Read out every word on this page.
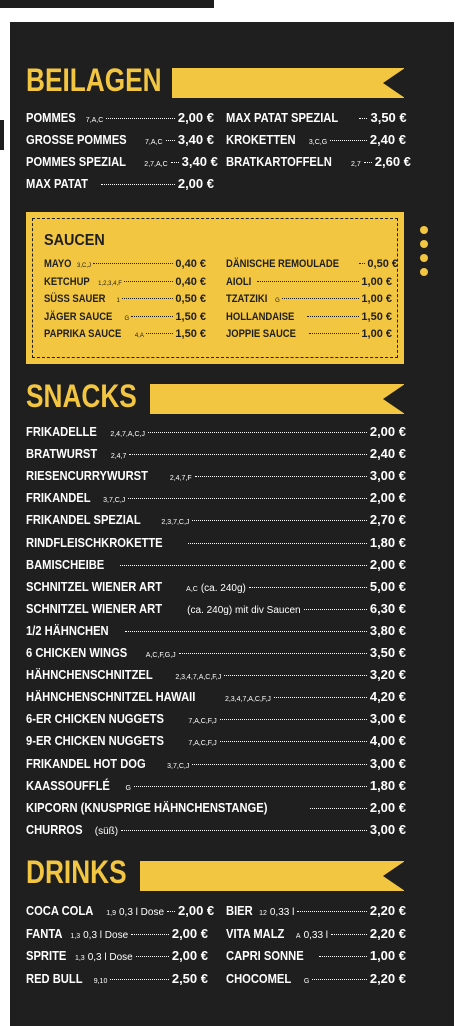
BEILAGEN
POMMES 7,A,C	2,00 €
GROSSE POMMES	7,A,C 3,40 €
POMMES SPEZIAL	2,7,A,C 3,40 €
MAX PATAT	2,00 €
MAX PATAT SPEZIAL 3,50 €
KROKETTEN 3,C,G	2,40 €
BRATKARTOFFELN	2,7 2,60 €
SAUCEN
MAYO 3,C,J	0,40 €
KETCHUP 1,2,3,4,F	0,40 €
SÜSS SAUER 1	0,50 €
JÄGER SAUCE G	1,50 €
PAPRIKA SAUCE 4,A	1,50 €
DÄNISCHE REMOULADE	0,50 €
AIOLI	1,00 €
TZATZIKI G	1,00 €
HOLLANDAISE	1,50 €
JOPPIE SAUCE	1,00 €
SNACKS
FRIKADELLE 2,4,7,A,C,J	2,00 €
BRATWURST 2,4,7	2,40 €
RIESENCURRYWURST	2,4,7,F	3,00 €
FRIKANDEL 3,7,C,J	2,00 €
FRIKANDEL SPEZIAL	2,3,7,C,J	2,70 €
RINDFLEISCHKROKETTE	1,80 €
BAMISCHEIBE	2,00 €
SCHNITZEL WIENER ART	A,C (ca. 240g)	5,00 €
SCHNITZEL WIENER ART	(ca. 240g) mit div Saucen	6,30 €
1/2 HÄHNCHEN	3,80 €
6 CHICKEN WINGS	A,C,F,G,J	3,50 €
HÄHNCHENSCHNITZEL	2,3,4,7,A,C,F,J	3,20 €
HÄHNCHENSCHNITZEL HAWAII	2,3,4,7,A,C,F,J	4,20 €
6-ER CHICKEN NUGGETS	7,A,C,F,J	3,00 €
9-ER CHICKEN NUGGETS	7,A,C,F,J	4,00 €
FRIKANDEL HOT DOG	3,7,C,J	3,00 €
KAASSOUFFLÉ G	1,80 €
KIPCORN (KNUSPRIGE HÄHNCHENSTANGE)	2,00 €
CHURROS (süß)	3,00 €
DRINKS
COCA COLA 1,9 0,3 l Dose 2,00 €
FANTA 1,3 0,3 l Dose	2,00 €
SPRITE 1,3 0,3 l Dose	2,00 €
RED BULL 9,10	2,50 €
BIER 12 0,33 l	2,20 €
VITA MALZ A 0,33 l	2,20 €
CAPRI SONNE	1,00 €
CHOCOMEL G	2,20 €
